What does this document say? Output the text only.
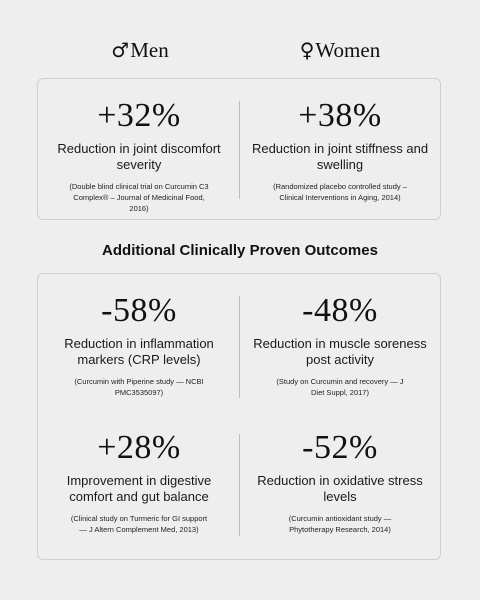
♂Men	♀Women
+32%
Reduction in joint discomfort severity
(Double blind clinical trial on Curcumin C3 Complex® – Journal of Medicinal Food, 2016)
+38%
Reduction in joint stiffness and swelling
(Randomized placebo controlled study – Clinical Interventions in Aging, 2014)
Additional Clinically Proven Outcomes
-58%
Reduction in inflammation markers (CRP levels)
(Curcumin with Piperine study — NCBI PMC3535097)
-48%
Reduction in muscle soreness post activity
(Study on Curcumin and recovery — J Diet Suppl, 2017)
+28%
Improvement in digestive comfort and gut balance
(Clinical study on Turmeric for GI support — J Altern Complement Med, 2013)
-52%
Reduction in oxidative stress levels
(Curcumin antioxidant study — Phytotherapy Research, 2014)
